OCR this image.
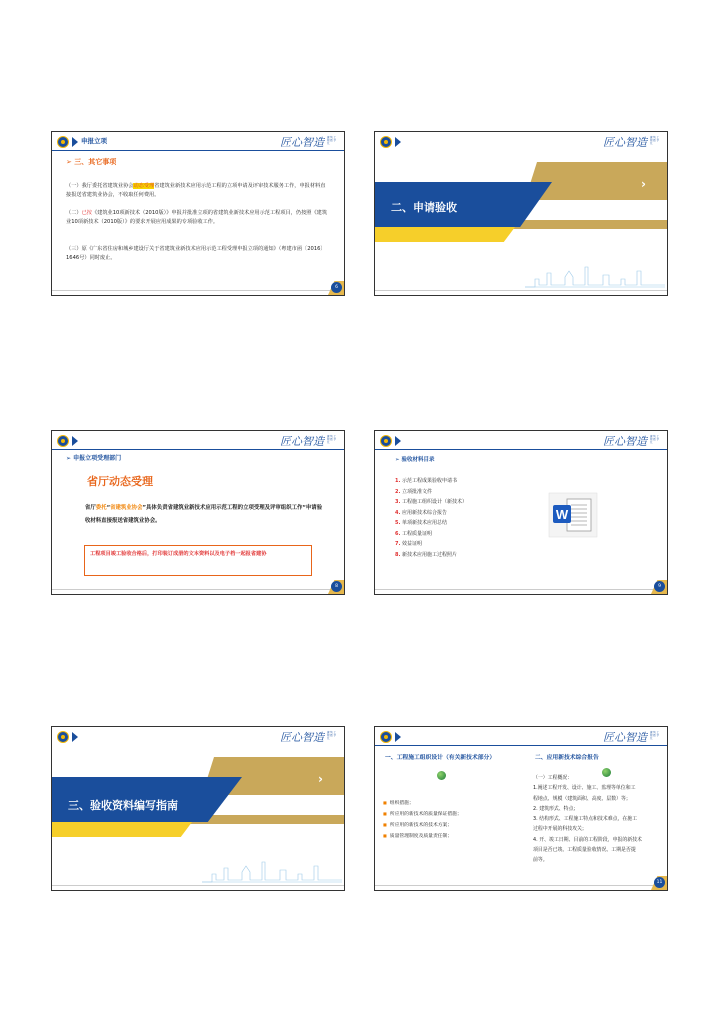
申报立项	匠心智造 建 筑 工 程 数 字 化
➢ 三、其它事项
（一）我厅委托省建筑业协会动态受理省建筑业新技术应用示范工程的立项申请及评审技术服务工作，申报材料直接报送省建筑业协会，不收取任何费用。
（二）已按《建筑业10项新技术（2010版）》申报并批准立项的省建筑业新技术应用示范工程项目，仍按照《建筑业10项新技术（2010版）》的要求开展应用成果的专项验收工作。
（三）原《广东省住房和城乡建设厅关于省建筑业新技术应用示范工程受理申报立项的通知》（粤建市函〔2016〕1646号）同时废止。
6
匠心智造 建 筑 工 程 数 字 化
二、申请验收
›
匠心智造 建 筑 工 程 数 字 化
➢ 申报立项受理部门
省厅动态受理
省厅委托“省建筑业协会”具体负责省建筑业新技术应用示范工程的立项受理及评审组织工作“申请验收材料直接报送省建筑业协会。
工程项目竣工验收合格后，打印装订成册的文本资料以及电子档一起报省建协
8
匠心智造 建 筑 工 程 数 字 化
➢ 验收材料目录
1. 示范工程成果验收申请书
2. 立项批准文件
3. 工程施工组织设计（新技术）
4. 应用新技术综合报告
5. 单项新技术应用总结
6. 工程质量证明
7. 效益证明
8. 新技术应用施工过程照片
W
9
匠心智造 建 筑 工 程 数 字 化
三、验收资料编写指南
›
匠心智造 建 筑 工 程 数 字 化
一、工程施工组织设计（有关新技术部分）	二、应用新技术综合报告
■ 组织措施；
■ 所应用的新技术的质量保证措施；
■ 所应用的新技术的技术方案；
■ 质量管理制度及质量责任制；
（一）工程概况：
1.阐述工程开发、设计、施工、监理等单位和工
程地点、规模（建筑面积、高度、层数）等；
2. 建筑形式、特点；
3. 结构形式、工程施工特点和技术难点，在施工
过程中开展的科技攻关；
4. 开、竣工日期、目前的工程阶段，申报的新技术
项目是否已竣、工程质量验收情况、工期是否提
前等。
11
